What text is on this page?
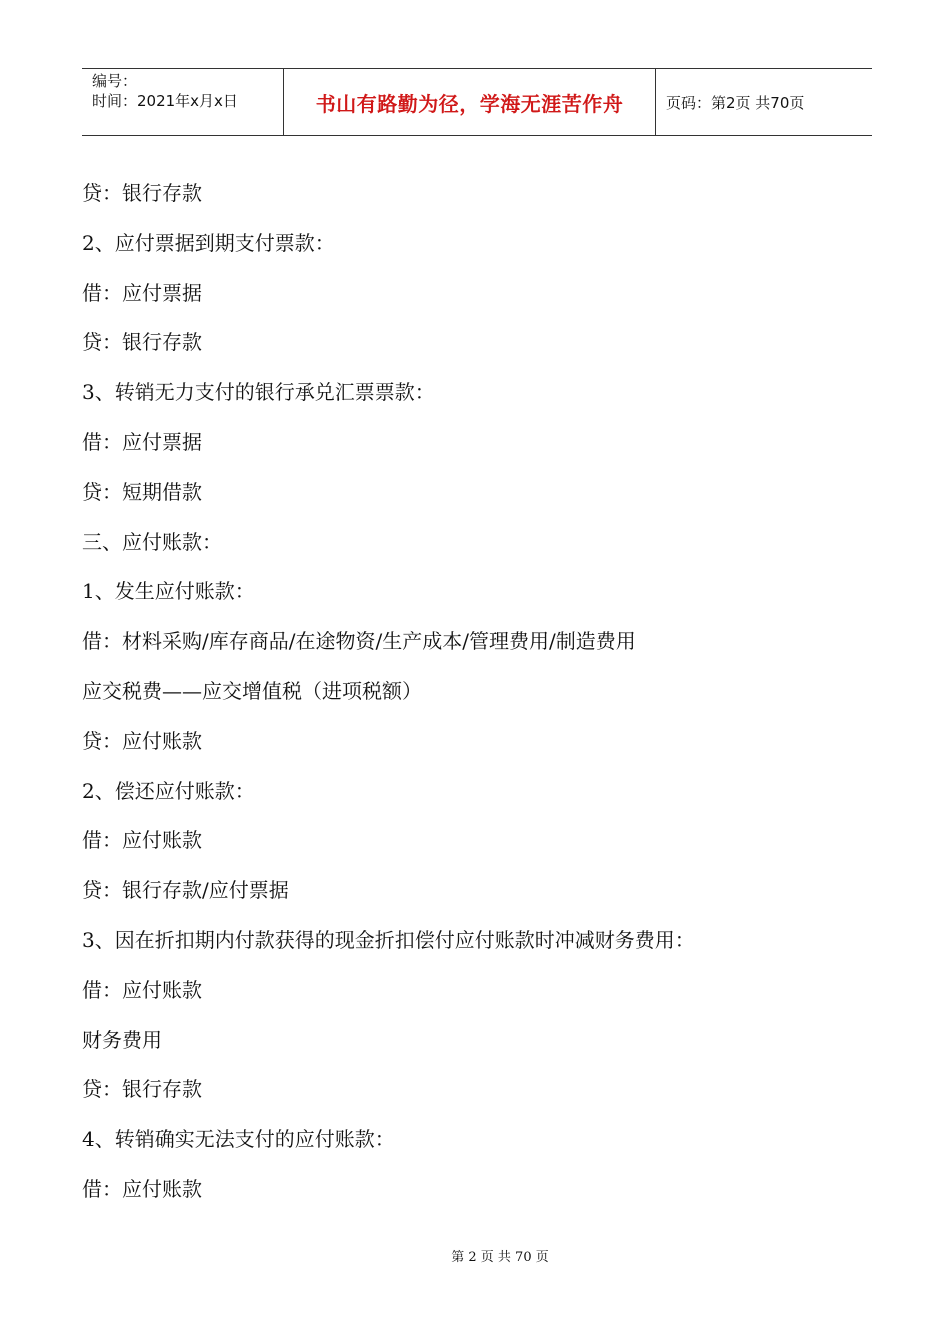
编号：
时间：2021年x月x日	书山有路勤为径，学海无涯苦作舟	页码：第2页 共70页
贷：银行存款
2、应付票据到期支付票款：
借：应付票据
贷：银行存款
3、转销无力支付的银行承兑汇票票款：
借：应付票据
贷：短期借款
三、应付账款：
1、发生应付账款：
借：材料采购/库存商品/在途物资/生产成本/管理费用/制造费用
应交税费——应交增值税（进项税额）
贷：应付账款
2、偿还应付账款：
借：应付账款
贷：银行存款/应付票据
3、因在折扣期内付款获得的现金折扣偿付应付账款时冲减财务费用：
借：应付账款
财务费用
贷：银行存款
4、转销确实无法支付的应付账款：
借：应付账款
第 2 页 共 70 页
